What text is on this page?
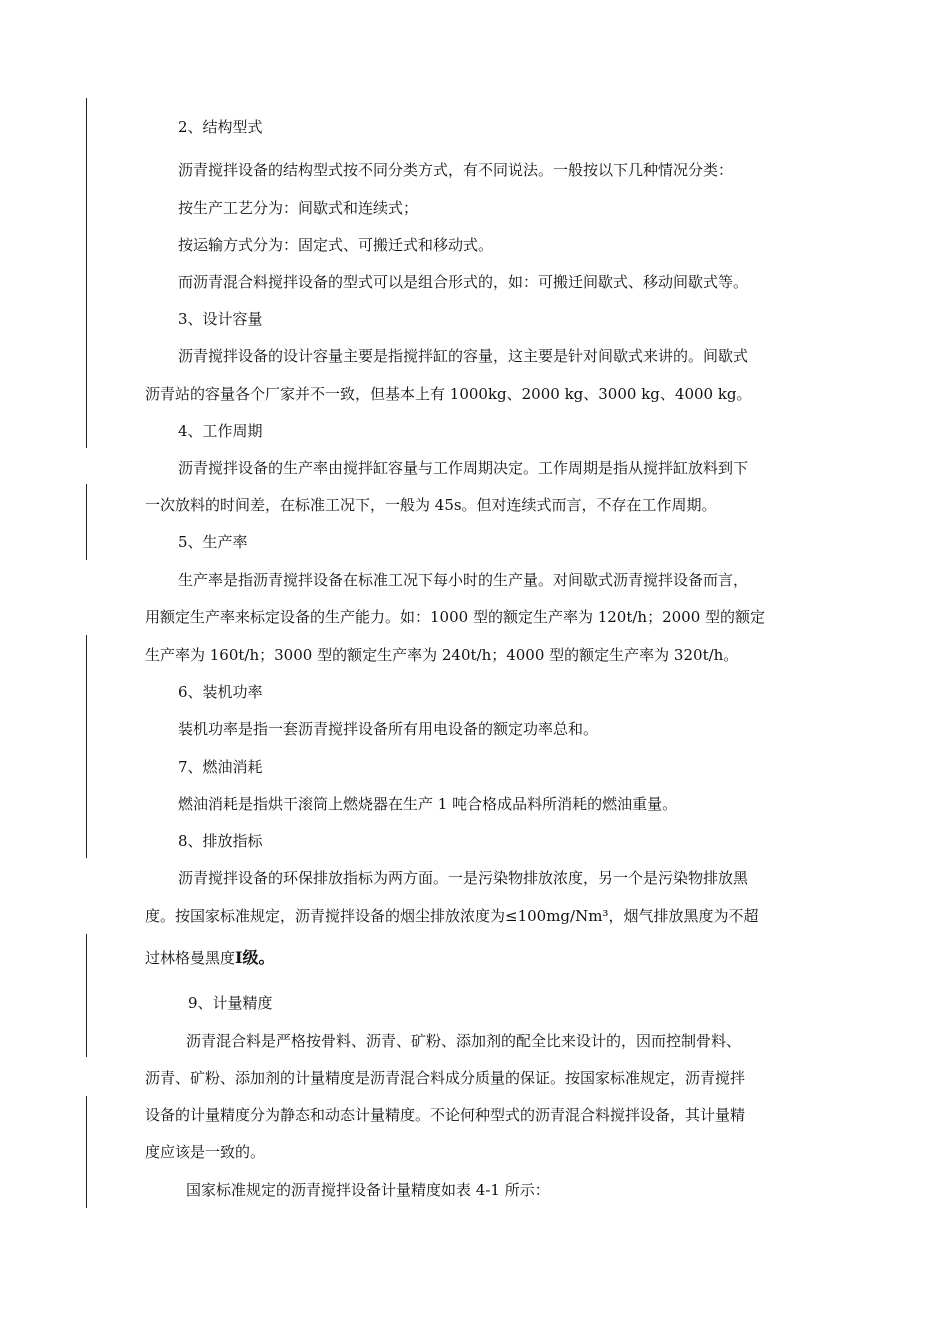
2、结构型式
沥青搅拌设备的结构型式按不同分类方式，有不同说法。一般按以下几种情况分类：
按生产工艺分为：间歇式和连续式；
按运输方式分为：固定式、可搬迁式和移动式。
而沥青混合料搅拌设备的型式可以是组合形式的，如：可搬迁间歇式、移动间歇式等。
3、设计容量
沥青搅拌设备的设计容量主要是指搅拌缸的容量，这主要是针对间歇式来讲的。间歇式
沥青站的容量各个厂家并不一致，但基本上有 1000kg、2000 kg、3000 kg、4000 kg。
4、工作周期
沥青搅拌设备的生产率由搅拌缸容量与工作周期决定。工作周期是指从搅拌缸放料到下
一次放料的时间差，在标准工况下，一般为 45s。但对连续式而言，不存在工作周期。
5、生产率
生产率是指沥青搅拌设备在标准工况下每小时的生产量。对间歇式沥青搅拌设备而言，
用额定生产率来标定设备的生产能力。如：1000 型的额定生产率为 120t/h；2000 型的额定
生产率为 160t/h；3000 型的额定生产率为 240t/h；4000 型的额定生产率为 320t/h。
6、装机功率
装机功率是指一套沥青搅拌设备所有用电设备的额定功率总和。
7、燃油消耗
燃油消耗是指烘干滚筒上燃烧器在生产 1 吨合格成品料所消耗的燃油重量。
8、排放指标
沥青搅拌设备的环保排放指标为两方面。一是污染物排放浓度，另一个是污染物排放黑
度。按国家标准规定，沥青搅拌设备的烟尘排放浓度为≤100mg/Nm³，烟气排放黑度为不超
过林格曼黑度Ⅰ级。
9、计量精度
沥青混合料是严格按骨料、沥青、矿粉、添加剂的配全比来设计的，因而控制骨料、
沥青、矿粉、添加剂的计量精度是沥青混合料成分质量的保证。按国家标准规定，沥青搅拌
设备的计量精度分为静态和动态计量精度。不论何种型式的沥青混合料搅拌设备，其计量精
度应该是一致的。
国家标准规定的沥青搅拌设备计量精度如表 4-1 所示：
